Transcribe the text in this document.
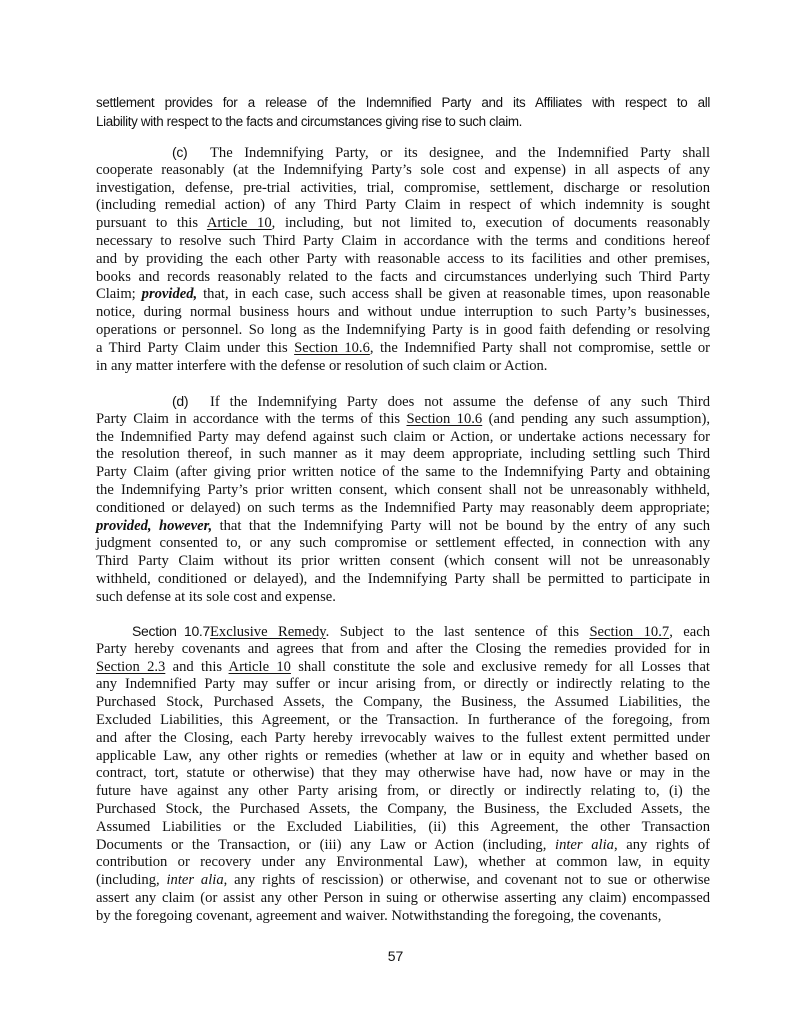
settlement provides for a release of the Indemnified Party and its Affiliates with respect to all
Liability with respect to the facts and circumstances giving rise to such claim.
(c) The Indemnifying Party, or its designee, and the Indemnified Party shall
cooperate reasonably (at the Indemnifying Party’s sole cost and expense) in all aspects of any
investigation, defense, pre-trial activities, trial, compromise, settlement, discharge or resolution
(including remedial action) of any Third Party Claim in respect of which indemnity is sought
pursuant to this Article 10, including, but not limited to, execution of documents reasonably
necessary to resolve such Third Party Claim in accordance with the terms and conditions hereof
and by providing the each other Party with reasonable access to its facilities and other premises,
books and records reasonably related to the facts and circumstances underlying such Third Party
Claim; provided, that, in each case, such access shall be given at reasonable times, upon reasonable
notice, during normal business hours and without undue interruption to such Party’s businesses,
operations or personnel. So long as the Indemnifying Party is in good faith defending or resolving
a Third Party Claim under this Section 10.6, the Indemnified Party shall not compromise, settle or
in any matter interfere with the defense or resolution of such claim or Action.
(d) If the Indemnifying Party does not assume the defense of any such Third
Party Claim in accordance with the terms of this Section 10.6 (and pending any such assumption),
the Indemnified Party may defend against such claim or Action, or undertake actions necessary for
the resolution thereof, in such manner as it may deem appropriate, including settling such Third
Party Claim (after giving prior written notice of the same to the Indemnifying Party and obtaining
the Indemnifying Party’s prior written consent, which consent shall not be unreasonably withheld,
conditioned or delayed) on such terms as the Indemnified Party may reasonably deem appropriate;
provided, however, that that the Indemnifying Party will not be bound by the entry of any such
judgment consented to, or any such compromise or settlement effected, in connection with any
Third Party Claim without its prior written consent (which consent will not be unreasonably
withheld, conditioned or delayed), and the Indemnifying Party shall be permitted to participate in
such defense at its sole cost and expense.
Section 10.7Exclusive Remedy. Subject to the last sentence of this Section 10.7, each
Party hereby covenants and agrees that from and after the Closing the remedies provided for in
Section 2.3 and this Article 10 shall constitute the sole and exclusive remedy for all Losses that
any Indemnified Party may suffer or incur arising from, or directly or indirectly relating to the
Purchased Stock, Purchased Assets, the Company, the Business, the Assumed Liabilities, the
Excluded Liabilities, this Agreement, or the Transaction. In furtherance of the foregoing, from
and after the Closing, each Party hereby irrevocably waives to the fullest extent permitted under
applicable Law, any other rights or remedies (whether at law or in equity and whether based on
contract, tort, statute or otherwise) that they may otherwise have had, now have or may in the
future have against any other Party arising from, or directly or indirectly relating to, (i) the
Purchased Stock, the Purchased Assets, the Company, the Business, the Excluded Assets, the
Assumed Liabilities or the Excluded Liabilities, (ii) this Agreement, the other Transaction
Documents or the Transaction, or (iii) any Law or Action (including, inter alia, any rights of
contribution or recovery under any Environmental Law), whether at common law, in equity
(including, inter alia, any rights of rescission) or otherwise, and covenant not to sue or otherwise
assert any claim (or assist any other Person in suing or otherwise asserting any claim) encompassed
by the foregoing covenant, agreement and waiver. Notwithstanding the foregoing, the covenants,
57
